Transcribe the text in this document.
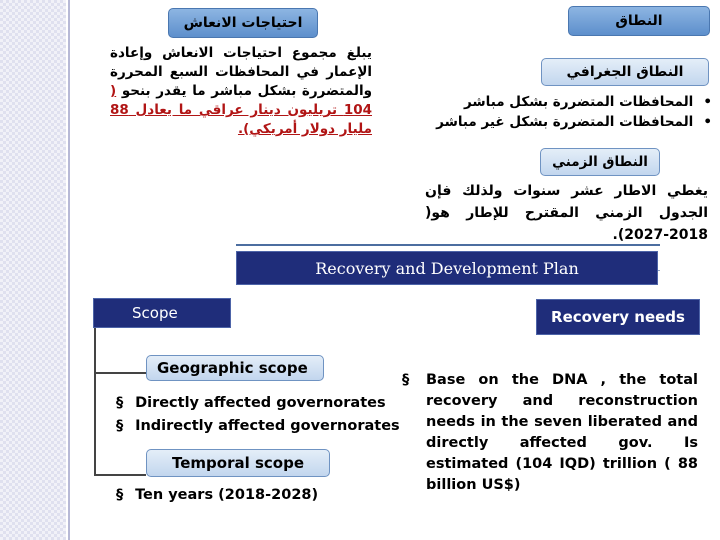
احتياجات الانعاش	النطاق
يبلغ مجموع احتياجات الانعاش وإعادة الإعمار في المحافظات السبع المحررة والمتضررة بشكل مباشر ما يقدر بنحو ( 104 تريليون دينار عراقي ما يعادل 88 مليار دولار أمريكي).
النطاق الجغرافي
• المحافظات المتضررة بشكل مباشر
• المحافظات المتضررة بشكل غير مباشر
النطاق الزمني
يغطي الاطار عشر سنوات ولذلك فإن الجدول الزمني المقترح للإطار هو( 2018-2027).
Recovery and Development Plan
Scope	Recovery needs
Geographic scope
§ Directly affected governorates
§ Indirectly affected governorates
Temporal scope
§ Ten years (2018-2028)
§	Base on the DNA , the total
recovery and reconstruction
needs in the seven liberated and
directly affected gov. Is
estimated (104 IQD) trillion ( 88
billion US$)
